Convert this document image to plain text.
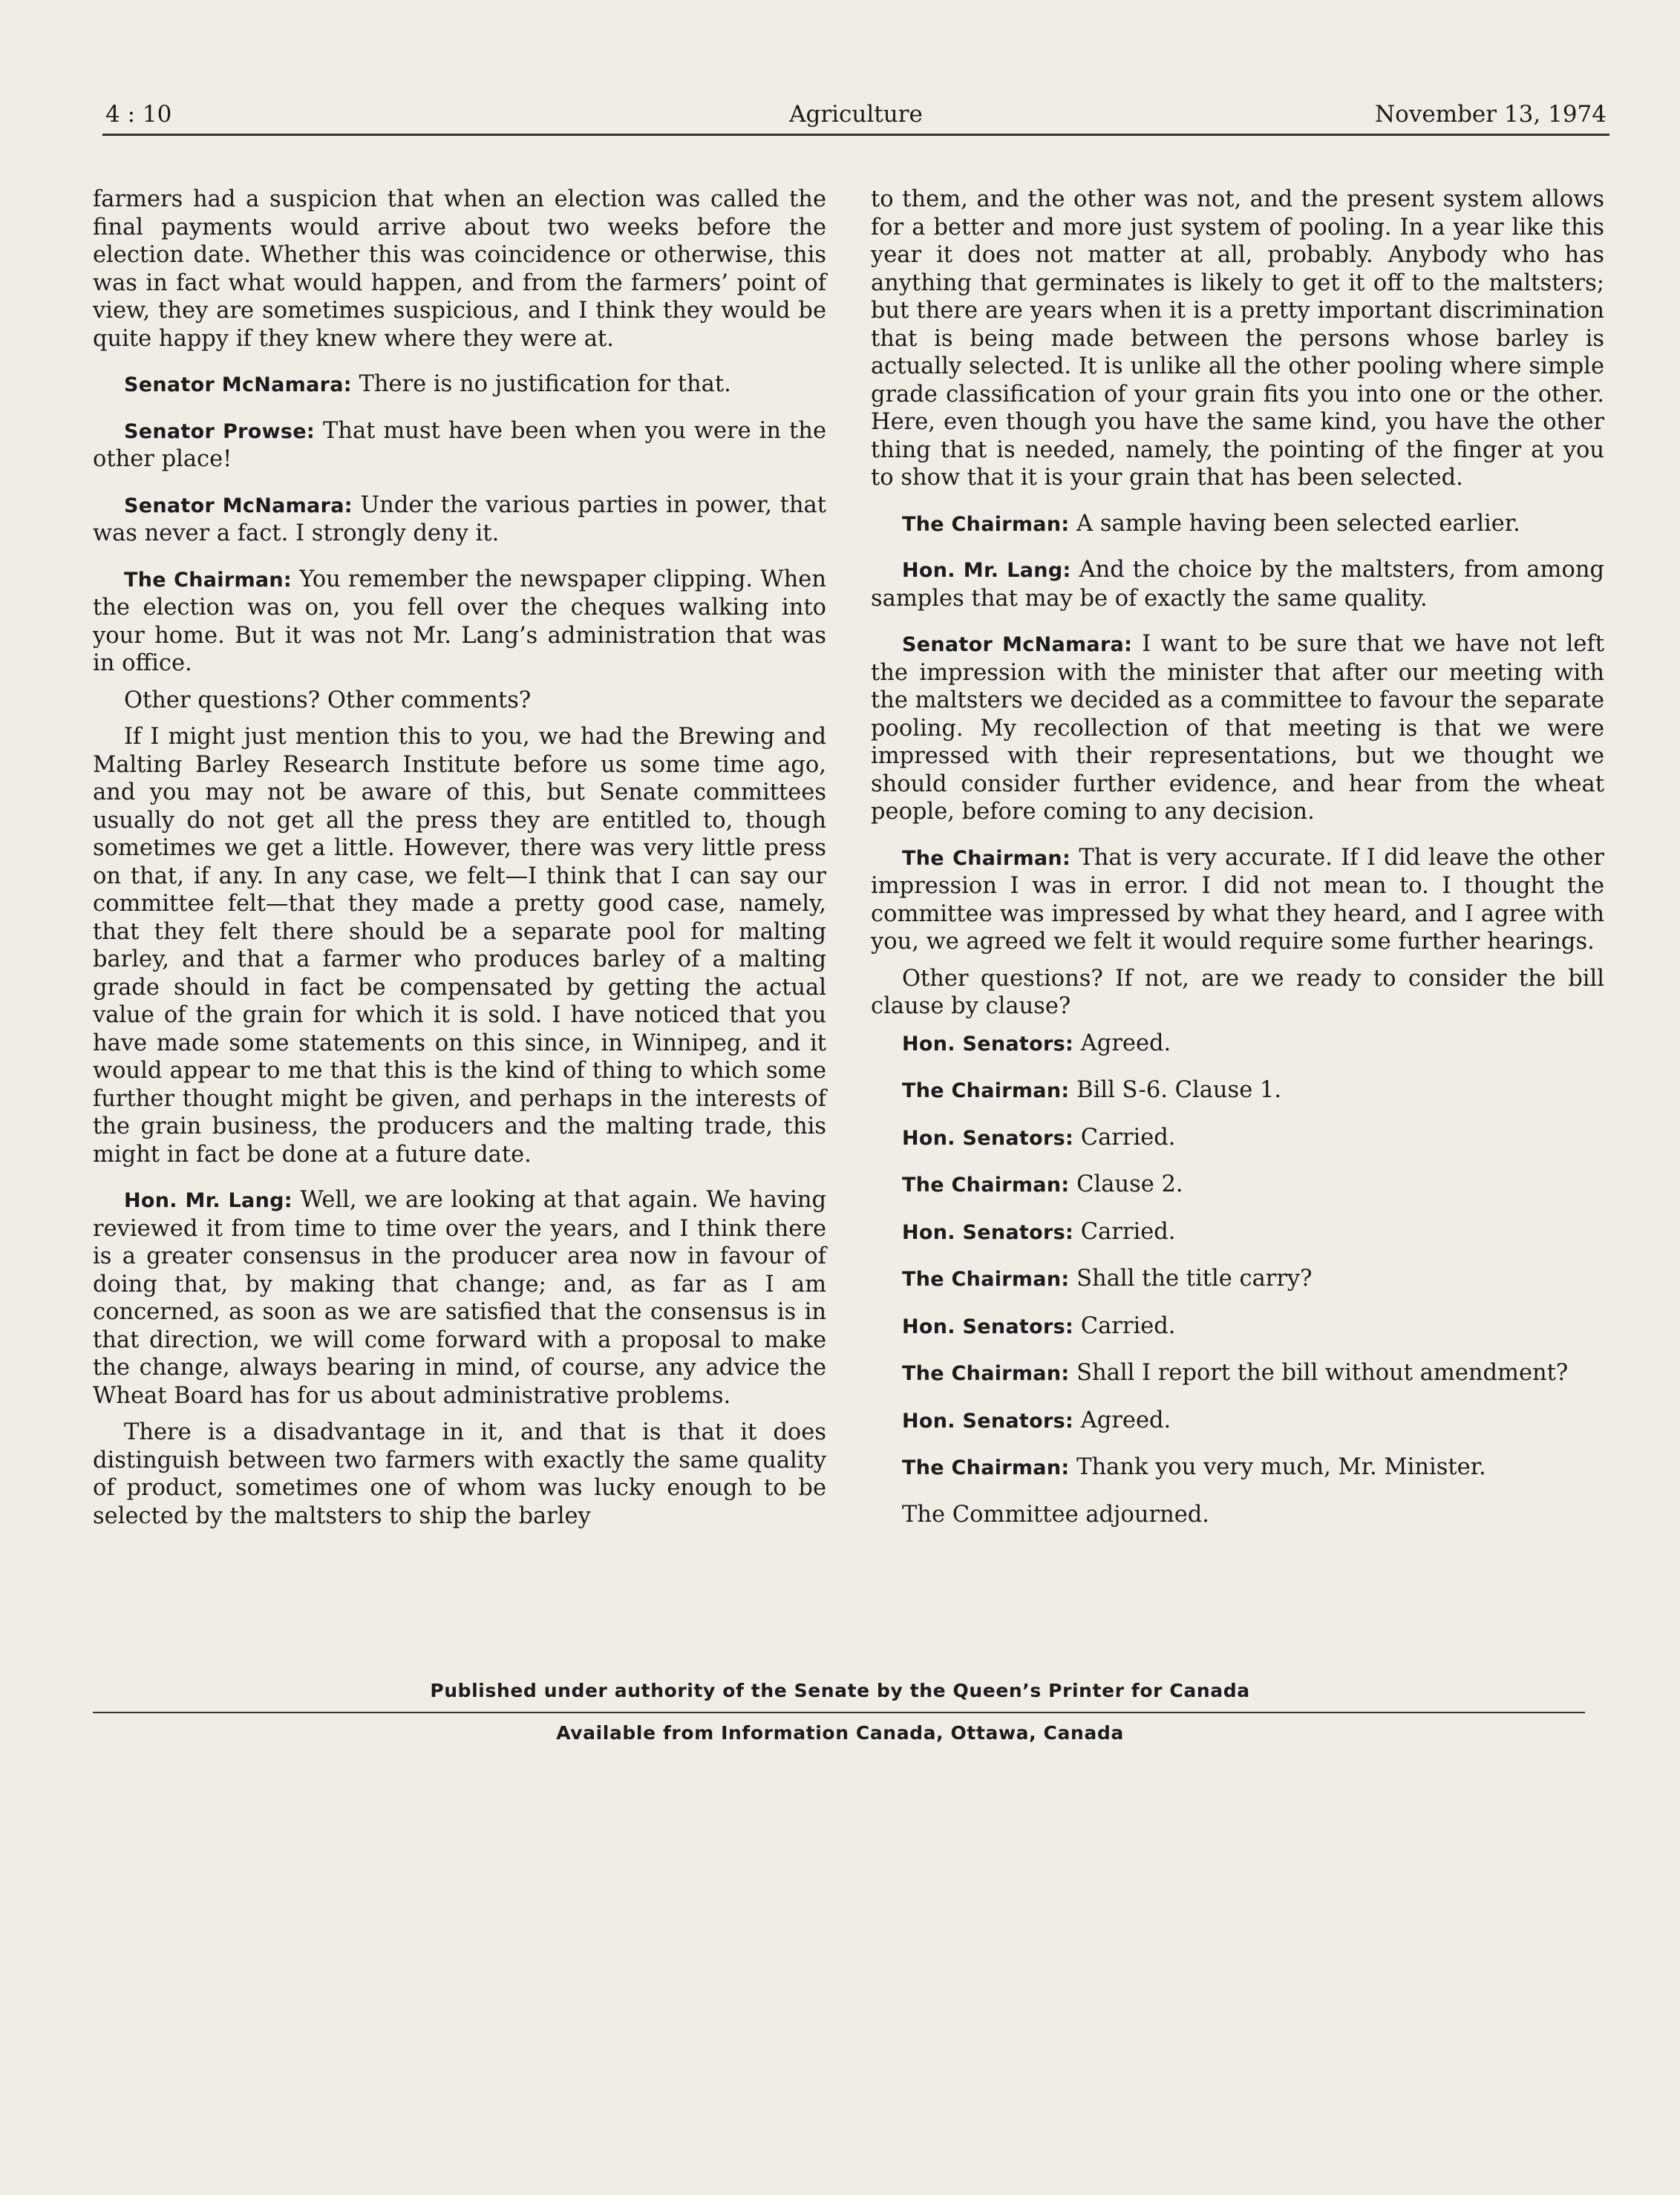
4 : 10	Agriculture	November 13, 1974

farmers had a suspicion that when an election was called the final payments would arrive about two weeks before the election date. Whether this was coincidence or otherwise, this was in fact what would happen, and from the farmers’ point of view, they are sometimes suspicious, and I think they would be quite happy if they knew where they were at.

Senator McNamara: There is no justification for that.

Senator Prowse: That must have been when you were in the other place!

Senator McNamara: Under the various parties in power, that was never a fact. I strongly deny it.

The Chairman: You remember the newspaper clipping. When the election was on, you fell over the cheques walking into your home. But it was not Mr. Lang’s administration that was in office.

Other questions? Other comments?

If I might just mention this to you, we had the Brewing and Malting Barley Research Institute before us some time ago, and you may not be aware of this, but Senate committees usually do not get all the press they are entitled to, though sometimes we get a little. However, there was very little press on that, if any. In any case, we felt—I think that I can say our committee felt—that they made a pretty good case, namely, that they felt there should be a separate pool for malting barley, and that a farmer who produces barley of a malting grade should in fact be compensated by getting the actual value of the grain for which it is sold. I have noticed that you have made some statements on this since, in Winnipeg, and it would appear to me that this is the kind of thing to which some further thought might be given, and perhaps in the interests of the grain business, the producers and the malting trade, this might in fact be done at a future date.

Hon. Mr. Lang: Well, we are looking at that again. We having reviewed it from time to time over the years, and I think there is a greater consensus in the producer area now in favour of doing that, by making that change; and, as far as I am concerned, as soon as we are satisfied that the consensus is in that direction, we will come forward with a proposal to make the change, always bearing in mind, of course, any advice the Wheat Board has for us about administrative problems.

There is a disadvantage in it, and that is that it does distinguish between two farmers with exactly the same quality of product, sometimes one of whom was lucky enough to be selected by the maltsters to ship the barley

to them, and the other was not, and the present system allows for a better and more just system of pooling. In a year like this year it does not matter at all, probably. Anybody who has anything that germinates is likely to get it off to the maltsters; but there are years when it is a pretty important discrimination that is being made between the persons whose barley is actually selected. It is unlike all the other pooling where simple grade classification of your grain fits you into one or the other. Here, even though you have the same kind, you have the other thing that is needed, namely, the pointing of the finger at you to show that it is your grain that has been selected.

The Chairman: A sample having been selected earlier.

Hon. Mr. Lang: And the choice by the maltsters, from among samples that may be of exactly the same quality.

Senator McNamara: I want to be sure that we have not left the impression with the minister that after our meeting with the maltsters we decided as a committee to favour the separate pooling. My recollection of that meeting is that we were impressed with their representations, but we thought we should consider further evidence, and hear from the wheat people, before coming to any decision.

The Chairman: That is very accurate. If I did leave the other impression I was in error. I did not mean to. I thought the committee was impressed by what they heard, and I agree with you, we agreed we felt it would require some further hearings.

Other questions? If not, are we ready to consider the bill clause by clause?

Hon. Senators: Agreed.

The Chairman: Bill S-6. Clause 1.

Hon. Senators: Carried.

The Chairman: Clause 2.

Hon. Senators: Carried.

The Chairman: Shall the title carry?

Hon. Senators: Carried.

The Chairman: Shall I report the bill without amendment?

Hon. Senators: Agreed.

The Chairman: Thank you very much, Mr. Minister.

The Committee adjourned.

Published under authority of the Senate by the Queen’s Printer for Canada
Available from Information Canada, Ottawa, Canada
